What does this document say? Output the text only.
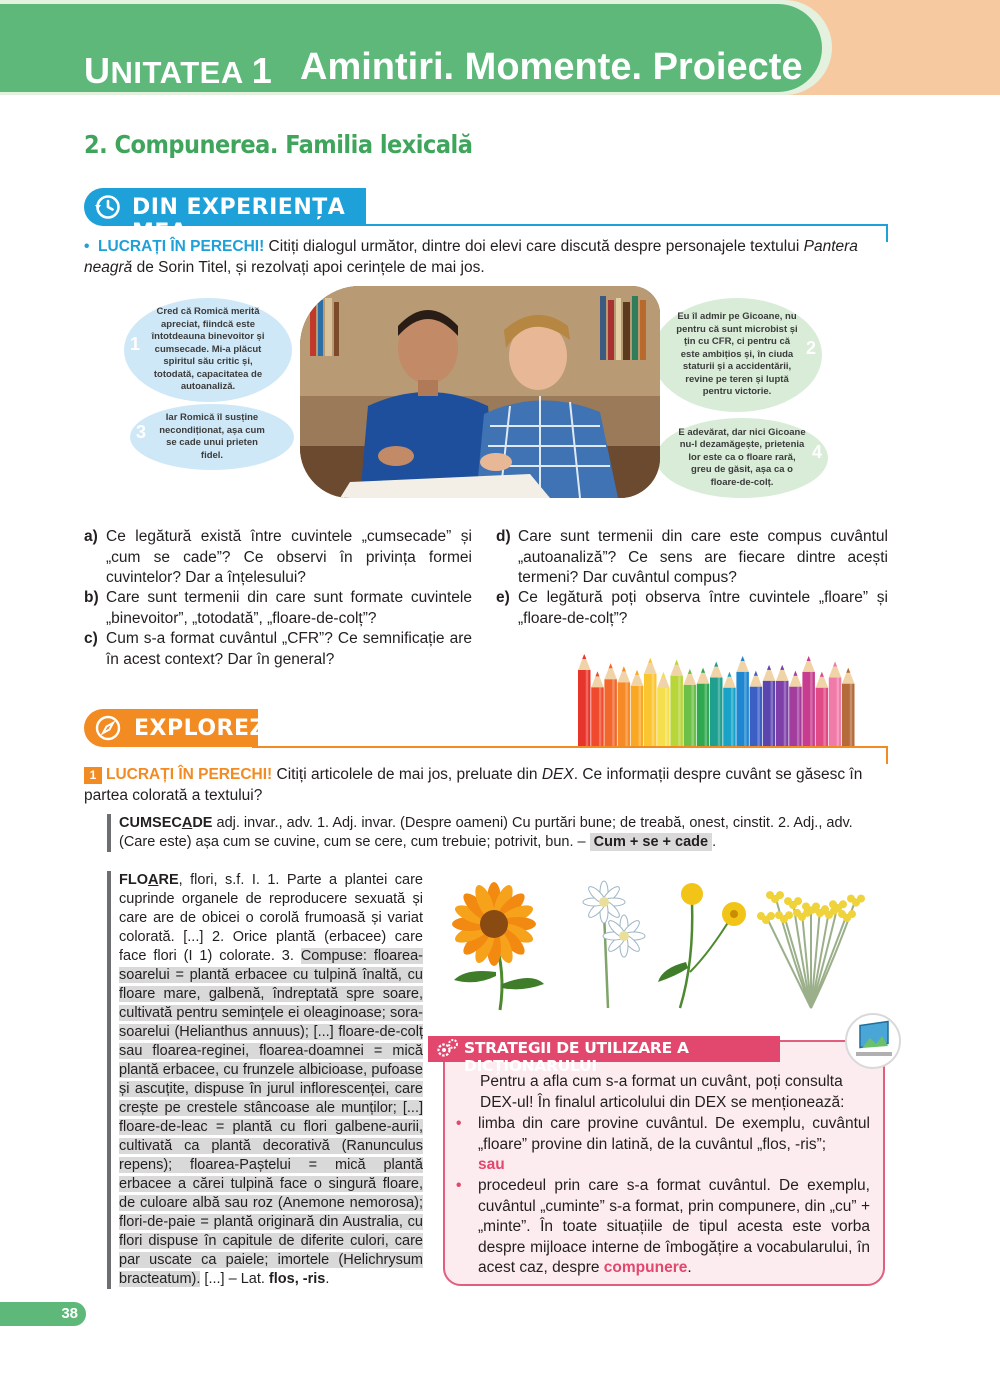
UNITATEA 1 Amintiri. Momente. Proiecte
2. Compunerea. Familia lexicală
DIN EXPERIENȚA MEA
•  LUCRAȚI ÎN PERECHI! Citiți dialogul următor, dintre doi elevi care discută despre personajele textului Pantera neagră de Sorin Titel, și rezolvați apoi cerințele de mai jos.
1
Cred că Romică merită apreciat, fiindcă este întotdeauna binevoitor și cumsecade. Mi-a plăcut spiritul său critic și, totodată, capacitatea de autoanaliză.
3
Iar Romică îl susține necondiționat, așa cum se cade unui prieten fidel.
2
Eu îl admir pe Gicoane, nu pentru că sunt microbist și țin cu CFR, ci pentru că este ambițios și, în ciuda staturii și a accidentării, revine pe teren și luptă pentru victorie.
4
E adevărat, dar nici Gicoane nu-l dezamăgește, prietenia lor este ca o floare rară, greu de găsit, așa ca o floare-de-colț.
a) Ce legătură există între cuvintele „cumsecade” și „cum se cade”? Ce observi în privința formei cuvintelor? Dar a înțelesului?
b) Care sunt termenii din care sunt formate cuvintele „binevoitor”, „totodată”, „floare-de-colț”?
c) Cum s-a format cuvântul „CFR”? Ce semnificație are în acest context? Dar în general?
d) Care sunt termenii din care este compus cuvântul „autoanaliză”? Ce sens are fiecare dintre acești termeni? Dar cuvântul compus?
e) Ce legătură poți observa între cuvintele „floare” și „floare-de-colț”?
EXPLOREZ
1 LUCRAȚI ÎN PERECHI! Citiți articolele de mai jos, preluate din DEX. Ce informații despre cuvânt se găsesc în partea colorată a textului?
CUMSECADE adj. invar., adv. 1. Adj. invar. (Despre oameni) Cu purtări bune; de treabă, onest, cinstit. 2. Adj., adv. (Care este) așa cum se cuvine, cum se cere, cum trebuie; potrivit, bun. – Cum + se + cade .
FLOARE, flori, s.f. I. 1. Parte a plantei care cuprinde organele de reproducere sexuată și care are de obicei o corolă frumoasă și variat colorată. [...] 2. Orice plantă (erbacee) care face flori (I 1) colorate. 3. Compuse: floarea-soarelui = plantă erbacee cu tulpină înaltă, cu floare mare, galbenă, îndreptată spre soare, cultivată pentru semințele ei oleaginoase; sora-soarelui (Helianthus annuus); [...] floare-de-colț sau floarea-reginei, floarea-doamnei = mică plantă erbacee, cu frunzele albicioase, pufoase și ascuțite, dispuse în jurul inflorescenței, care crește pe crestele stâncoase ale munților; [...] floare-de-leac = plantă cu flori galbene-aurii, cultivată ca plantă decorativă (Ranunculus repens); floarea-Paștelui = mică plantă erbacee a cărei tulpină face o singură floare, de culoare albă sau roz (Anemone nemorosa); flori-de-paie = plantă originară din Australia, cu flori dispuse în capitule de diferite culori, care par uscate ca paiele; imortele (Helichrysum bracteatum). [...] – Lat. flos, -ris.
STRATEGII DE UTILIZARE A DICȚIONARULUI
Pentru a afla cum s-a format un cuvânt, poți consulta DEX-ul! În finalul articolului din DEX se menționează:
• limba din care provine cuvântul. De exemplu, cuvântul „floare” provine din latină, de la cuvântul „flos, -ris”;
sau
• procedeul prin care s-a format cuvântul. De exemplu, cuvântul „cuminte” s-a format, prin compunere, din „cu” + „minte”. În toate situațiile de tipul acesta este vorba despre mijloace interne de îmbogățire a vocabularului, în acest caz, despre compunere.
38
